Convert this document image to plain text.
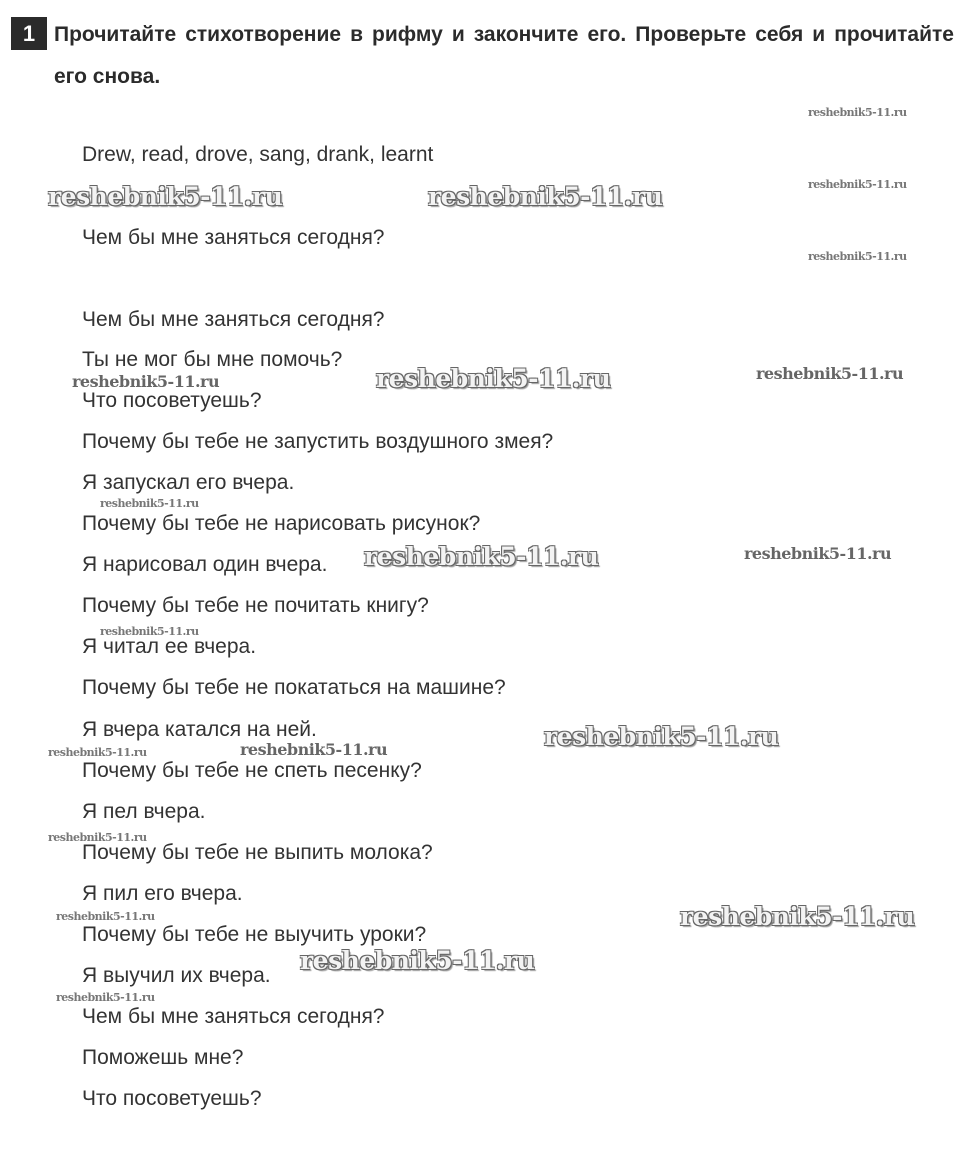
1 Прочитайте стихотворение в рифму и закончите его. Проверьте себя и прочитайте его снова.
Drew, read, drove, sang, drank, learnt
Чем бы мне заняться сегодня?
Чем бы мне заняться сегодня?
Ты не мог бы мне помочь?
Что посоветуешь?
Почему бы тебе не запустить воздушного змея?
Я запускал его вчера.
Почему бы тебе не нарисовать рисунок?
Я нарисовал один вчера.
Почему бы тебе не почитать книгу?
Я читал ее вчера.
Почему бы тебе не покататься на машине?
Я вчера катался на ней.
Почему бы тебе не спеть песенку?
Я пел вчера.
Почему бы тебе не выпить молока?
Я пил его вчера.
Почему бы тебе не выучить уроки?
Я выучил их вчера.
Чем бы мне заняться сегодня?
Поможешь мне?
Что посоветуешь?
reshebnik5-11.ru
reshebnik5-11.ru
reshebnik5-11.ru
reshebnik5-11.ru	reshebnik5-11.ru
reshebnik5-11.ru	reshebnik5-11.ru	reshebnik5-11.ru
reshebnik5-11.ru
reshebnik5-11.ru	reshebnik5-11.ru
reshebnik5-11.ru
reshebnik5-11.ru
reshebnik5-11.ru	reshebnik5-11.ru
reshebnik5-11.ru
reshebnik5-11.ru
reshebnik5-11.ru
reshebnik5-11.ru
reshebnik5-11.ru
